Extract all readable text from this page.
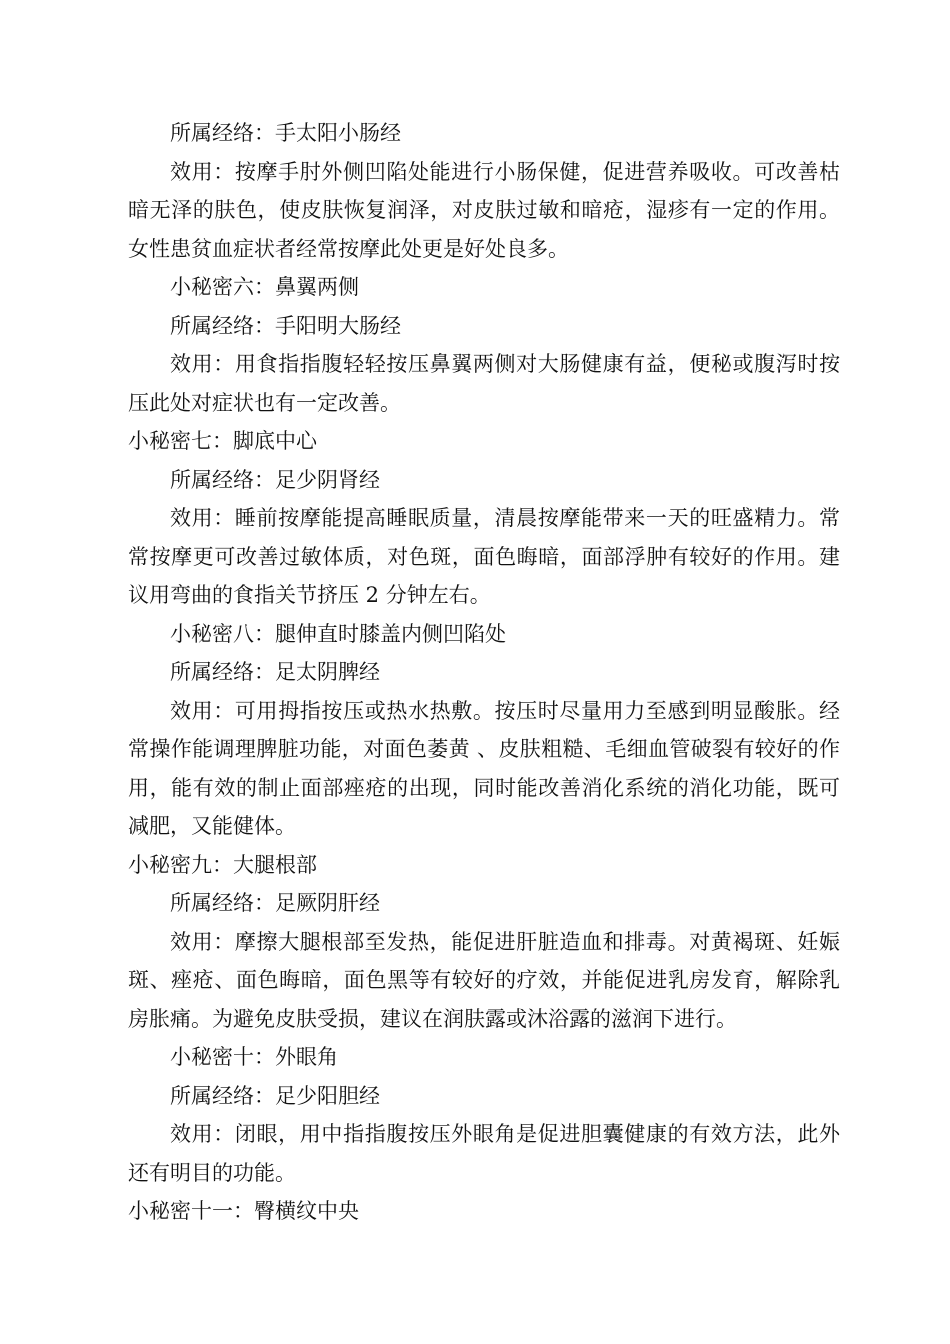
所属经络：手太阳小肠经

效用：按摩手肘外侧凹陷处能进行小肠保健，促进营养吸收。可改善枯暗无泽的肤色，使皮肤恢复润泽，对皮肤过敏和暗疮，湿疹有一定的作用。女性患贫血症状者经常按摩此处更是好处良多。

小秘密六：鼻翼两侧

所属经络：手阳明大肠经

效用：用食指指腹轻轻按压鼻翼两侧对大肠健康有益，便秘或腹泻时按压此处对症状也有一定改善。

小秘密七：脚底中心

所属经络：足少阴肾经

效用：睡前按摩能提高睡眠质量，清晨按摩能带来一天的旺盛精力。常常按摩更可改善过敏体质，对色斑，面色晦暗，面部浮肿有较好的作用。建议用弯曲的食指关节挤压 2 分钟左右。

小秘密八：腿伸直时膝盖内侧凹陷处

所属经络：足太阴脾经

效用：可用拇指按压或热水热敷。按压时尽量用力至感到明显酸胀。经常操作能调理脾脏功能，对面色萎黄 、皮肤粗糙、毛细血管破裂有较好的作用，能有效的制止面部痤疮的出现，同时能改善消化系统的消化功能，既可减肥，又能健体。

小秘密九：大腿根部

所属经络：足厥阴肝经

效用：摩擦大腿根部至发热，能促进肝脏造血和排毒。对黄褐斑、妊娠斑、痤疮、面色晦暗，面色黑等有较好的疗效，并能促进乳房发育，解除乳房胀痛。为避免皮肤受损，建议在润肤露或沐浴露的滋润下进行。

小秘密十：外眼角

所属经络：足少阳胆经

效用：闭眼，用中指指腹按压外眼角是促进胆囊健康的有效方法，此外还有明目的功能。

小秘密十一：臀横纹中央
